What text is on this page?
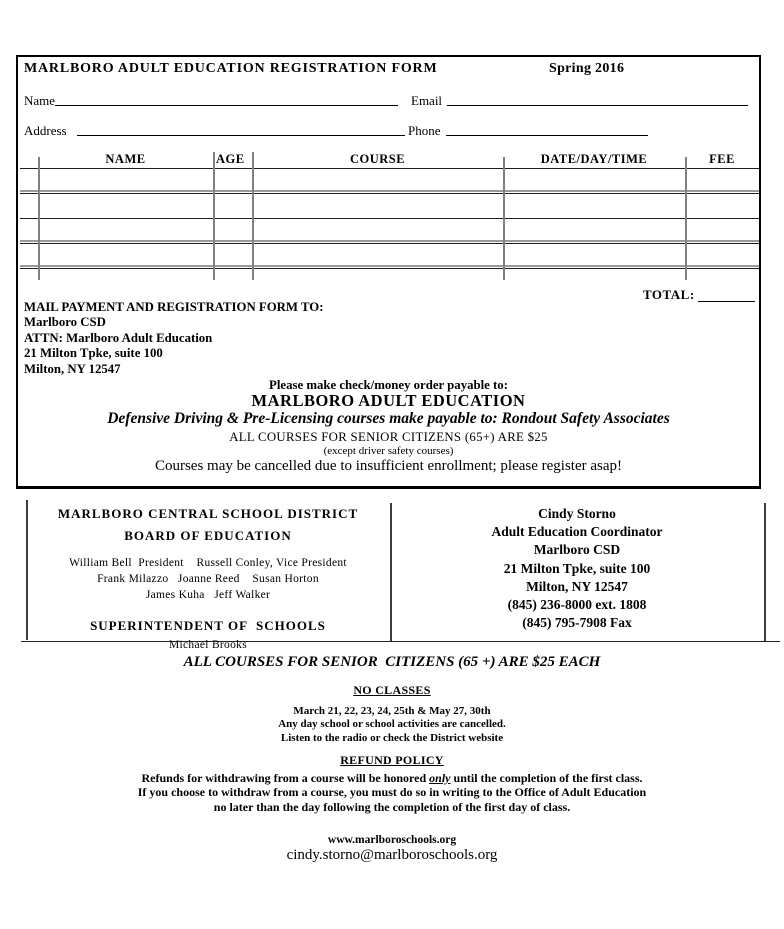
MARLBORO ADULT EDUCATION REGISTRATION FORM	Spring 2016
Name	Email
Address	Phone
NAME	AGE	COURSE	DATE/DAY/TIME	FEE
TOTAL:

MAIL PAYMENT AND REGISTRATION FORM TO:

Marlboro CSD

ATTN: Marlboro Adult Education

21 Milton Tpke, suite 100

Milton, NY 12547

Please make check/money order payable to:
MARLBORO ADULT EDUCATION
Defensive Driving & Pre-Licensing courses make payable to: Rondout Safety Associates
ALL COURSES FOR SENIOR CITIZENS (65+) ARE $25
(except driver safety courses)
Courses may be cancelled due to insufficient enrollment; please register asap!

MARLBORO CENTRAL SCHOOL DISTRICT

BOARD OF EDUCATION

William Bell  President    Russell Conley, Vice President

Frank Milazzo   Joanne Reed    Susan Horton

James Kuha   Jeff Walker

SUPERINTENDENT OF  SCHOOLS

Michael Brooks

Cindy Storno

Adult Education Coordinator

Marlboro CSD

21 Milton Tpke, suite 100

Milton, NY 12547

(845) 236-8000 ext. 1808

(845) 795-7908 Fax

ALL COURSES FOR SENIOR  CITIZENS (65 +) ARE $25 EACH
NO CLASSES

March 21, 22, 23, 24, 25th & May 27, 30th

Any day school or school activities are cancelled.

Listen to the radio or check the District website

REFUND POLICY

Refunds for withdrawing from a course will be honored only until the completion of the first class.

If you choose to withdraw from a course, you must do so in writing to the Office of Adult Education

no later than the day following the completion of the first day of class.

www.marlboroschools.org
cindy.storno@marlboroschools.org
